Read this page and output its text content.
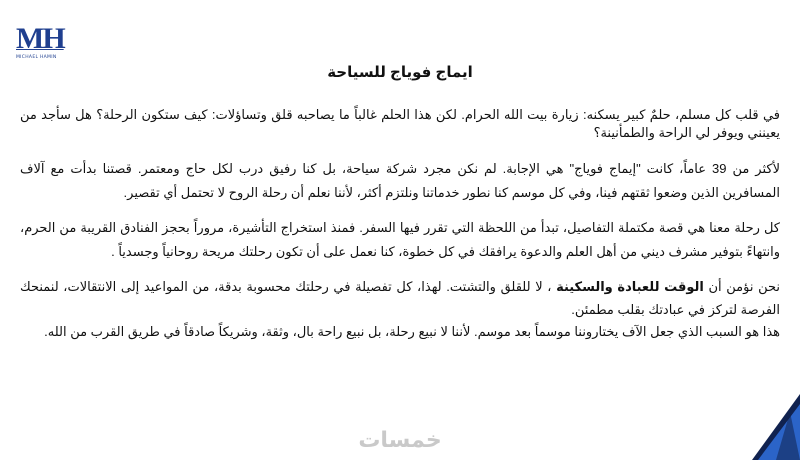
MH
MICHAEL HAMIN
ايماج فوياج للسياحة

في قلب كل مسلم، حلمٌ كبير يسكنه: زيارة بيت الله الحرام. لكن هذا الحلم غالباً ما يصاحبه قلق وتساؤلات: كيف ستكون الرحلة؟ هل سأجد من يعينني ويوفر لي الراحة والطمأنينة؟

لأكثر من 39 عاماً، كانت "إيماج فوياج" هي الإجابة. لم نكن مجرد شركة سياحة، بل كنا رفيق درب لكل حاج ومعتمر. قصتنا بدأت مع آلاف المسافرين الذين وضعوا ثقتهم فينا، وفي كل موسم كنا نطور خدماتنا ونلتزم أكثر، لأننا نعلم أن رحلة الروح لا تحتمل أي تقصير.

كل رحلة معنا هي قصة مكتملة التفاصيل، تبدأ من اللحظة التي تقرر فيها السفر. فمنذ استخراج التأشيرة، مروراً بحجز الفنادق القريبة من الحرم، وانتهاءً بتوفير مشرف ديني من أهل العلم والدعوة يرافقك في كل خطوة، كنا نعمل على أن تكون رحلتك مريحة روحانياً وجسدياً .

نحن نؤمن أن الوقت للعبادة والسكينة ، لا للقلق والتشتت. لهذا، كل تفصيلة في رحلتك محسوبة بدقة، من المواعيد إلى الانتقالات، لنمنحك الفرصة لتركز في عبادتك بقلب مطمئن.

هذا هو السبب الذي جعل الآف يختاروننا موسماً بعد موسم. لأننا لا نبيع رحلة، بل نبيع راحة بال، وثقة، وشريكاً صادقاً في طريق القرب من الله.

خمسات
